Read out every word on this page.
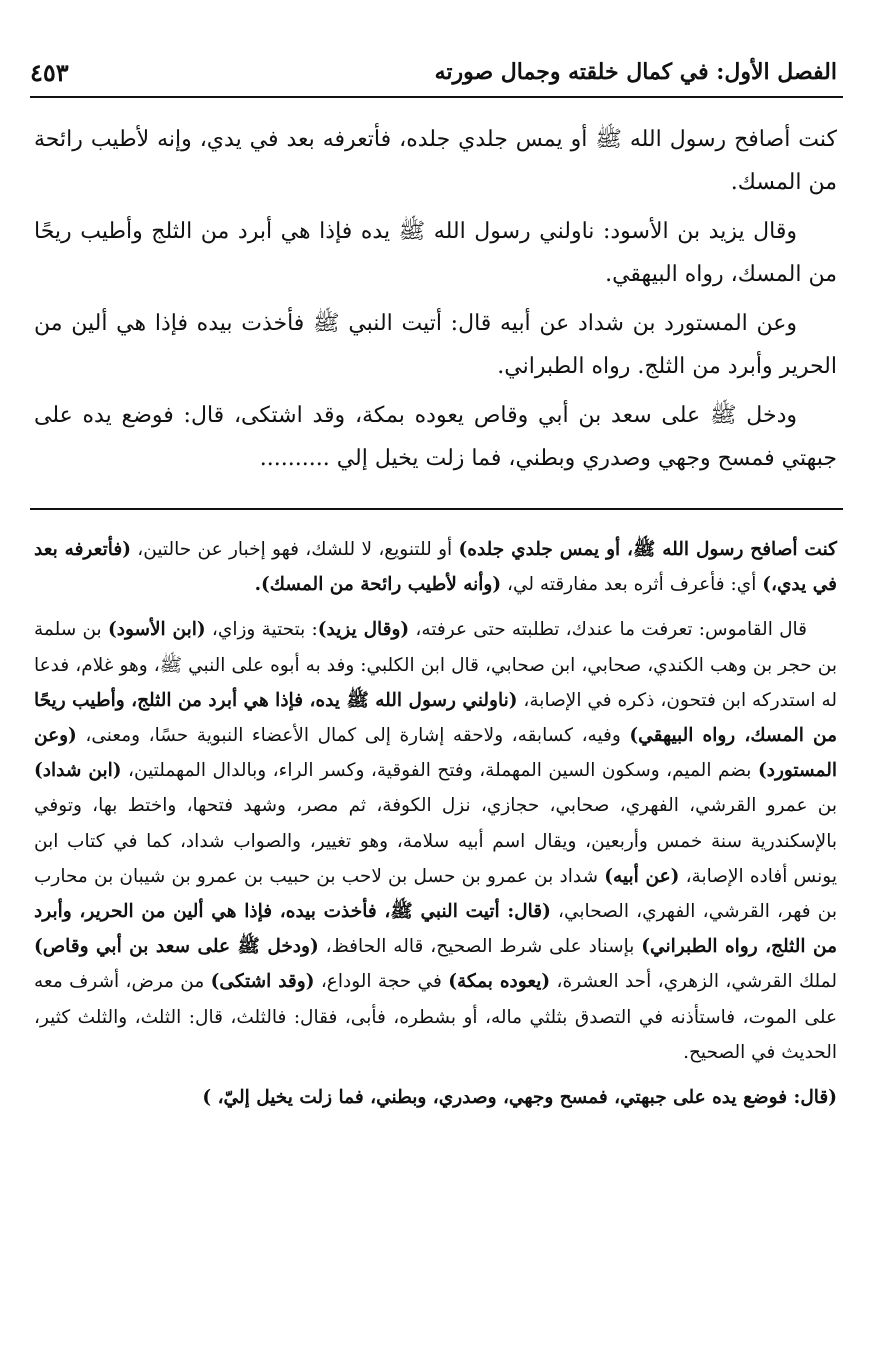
الفصل الأول: في كمال خلقته وجمال صورته
٤٥٣

كنت أصافح رسول الله ﷺ أو يمس جلدي جلده، فأتعرفه بعد في يدي، وإنه لأطيب رائحة من المسك.

وقال يزيد بن الأسود: ناولني رسول الله ﷺ يده فإذا هي أبرد من الثلج وأطيب ريحًا من المسك، رواه البيهقي.

وعن المستورد بن شداد عن أبيه قال: أتيت النبي ﷺ فأخذت بيده فإذا هي ألين من الحرير وأبرد من الثلج. رواه الطبراني.

ودخل ﷺ على سعد بن أبي وقاص يعوده بمكة، وقد اشتكى، قال: فوضع يده على جبهتي فمسح وجهي وصدري وبطني، فما زلت يخيل إلي ..........

كنت أصافح رسول الله ﷺ، أو يمس جلدي جلده) أو للتنويع، لا للشك، فهو إخبار عن حالتين، (فأتعرفه بعد في يدي،) أي: فأعرف أثره بعد مفارقته لي، (وأنه لأطيب رائحة من المسك).

قال القاموس: تعرفت ما عندك، تطلبته حتى عرفته، (وقال يزيد): بتحتية وزاي، (ابن الأسود) بن سلمة بن حجر بن وهب الكندي، صحابي، ابن صحابي، قال ابن الكلبي: وفد به أبوه على النبي ﷺ، وهو غلام، فدعا له استدركه ابن فتحون، ذكره في الإصابة، (ناولني رسول الله ﷺ يده، فإذا هي أبرد من الثلج، وأطيب ريحًا من المسك، رواه البيهقي) وفيه، كسابقه، ولاحقه إشارة إلى كمال الأعضاء النبوية حسًا، ومعنى، (وعن المستورد) بضم الميم، وسكون السين المهملة، وفتح الفوقية، وكسر الراء، وبالدال المهملتين، (ابن شداد) بن عمرو القرشي، الفهري، صحابي، حجازي، نزل الكوفة، ثم مصر، وشهد فتحها، واختط بها، وتوفي بالإسكندرية سنة خمس وأربعين، ويقال اسم أبيه سلامة، وهو تغيير، والصواب شداد، كما في كتاب ابن يونس أفاده الإصابة، (عن أبيه) شداد بن عمرو بن حسل بن لاحب بن حبيب بن عمرو بن شيبان بن محارب بن فهر، القرشي، الفهري، الصحابي، (قال: أتيت النبي ﷺ، فأخذت بيده، فإذا هي ألين من الحرير، وأبرد من الثلج، رواه الطبراني) بإسناد على شرط الصحيح، قاله الحافظ، (ودخل ﷺ على سعد بن أبي وقاص) لملك القرشي، الزهري، أحد العشرة، (يعوده بمكة) في حجة الوداع، (وقد اشتكى) من مرض، أشرف معه على الموت، فاستأذنه في التصدق بثلثي ماله، أو بشطره، فأبى، فقال: فالثلث، قال: الثلث، والثلث كثير، الحديث في الصحيح.

(قال: فوضع يده على جبهتي، فمسح وجهي، وصدري، وبطني، فما زلت يخيل إليّ، )
